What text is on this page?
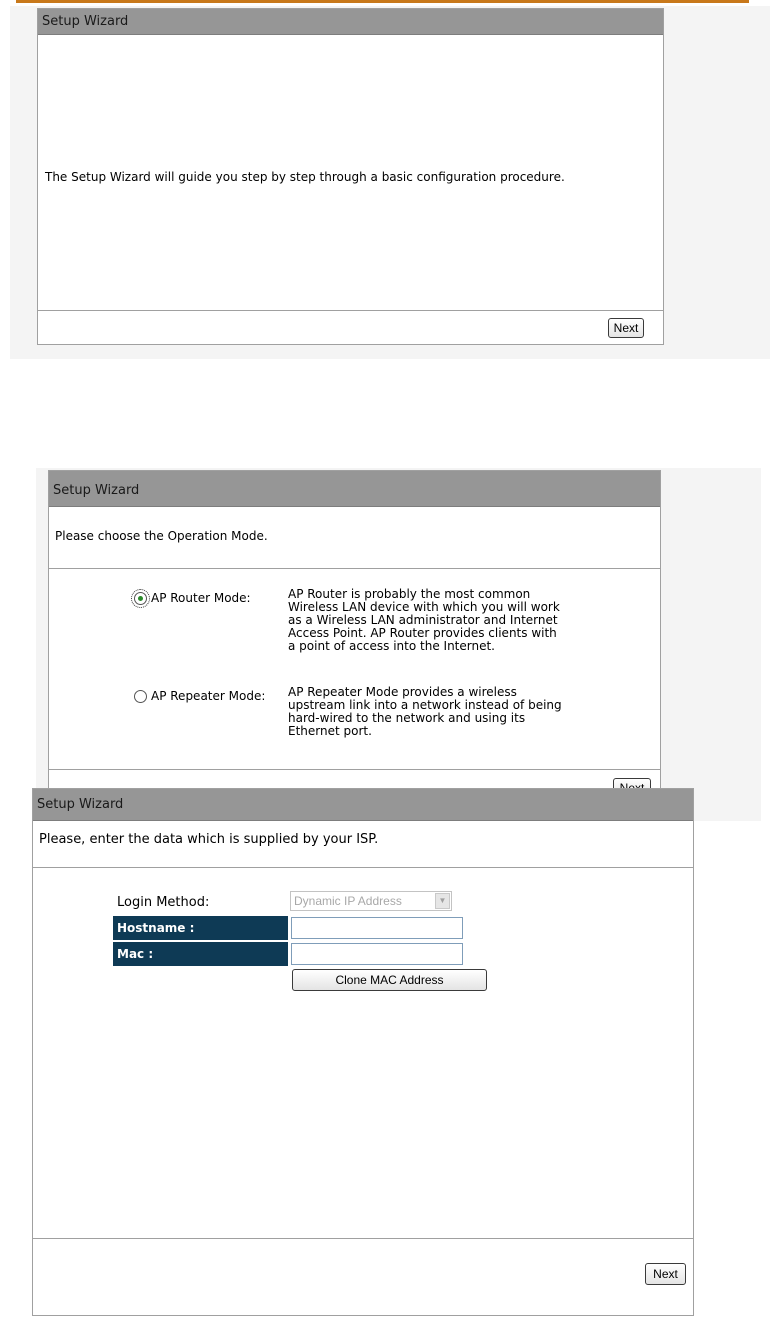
Setup Wizard
The Setup Wizard will guide you step by step through a basic configuration procedure.
Next
Setup Wizard
Please choose the Operation Mode.
AP Router Mode:	AP Router is probably the most common
Wireless LAN device with which you will work
as a Wireless LAN administrator and Internet
Access Point. AP Router provides clients with
a point of access into the Internet.
AP Repeater Mode: AP Repeater Mode provides a wireless
upstream link into a network instead of being
hard-wired to the network and using its
Ethernet port.
Setup Wizard
Please, enter the data which is supplied by your ISP.
Login Method:	Dynamic IP Address	▼
Hostname :
Mac :
Clone MAC Address
Next
